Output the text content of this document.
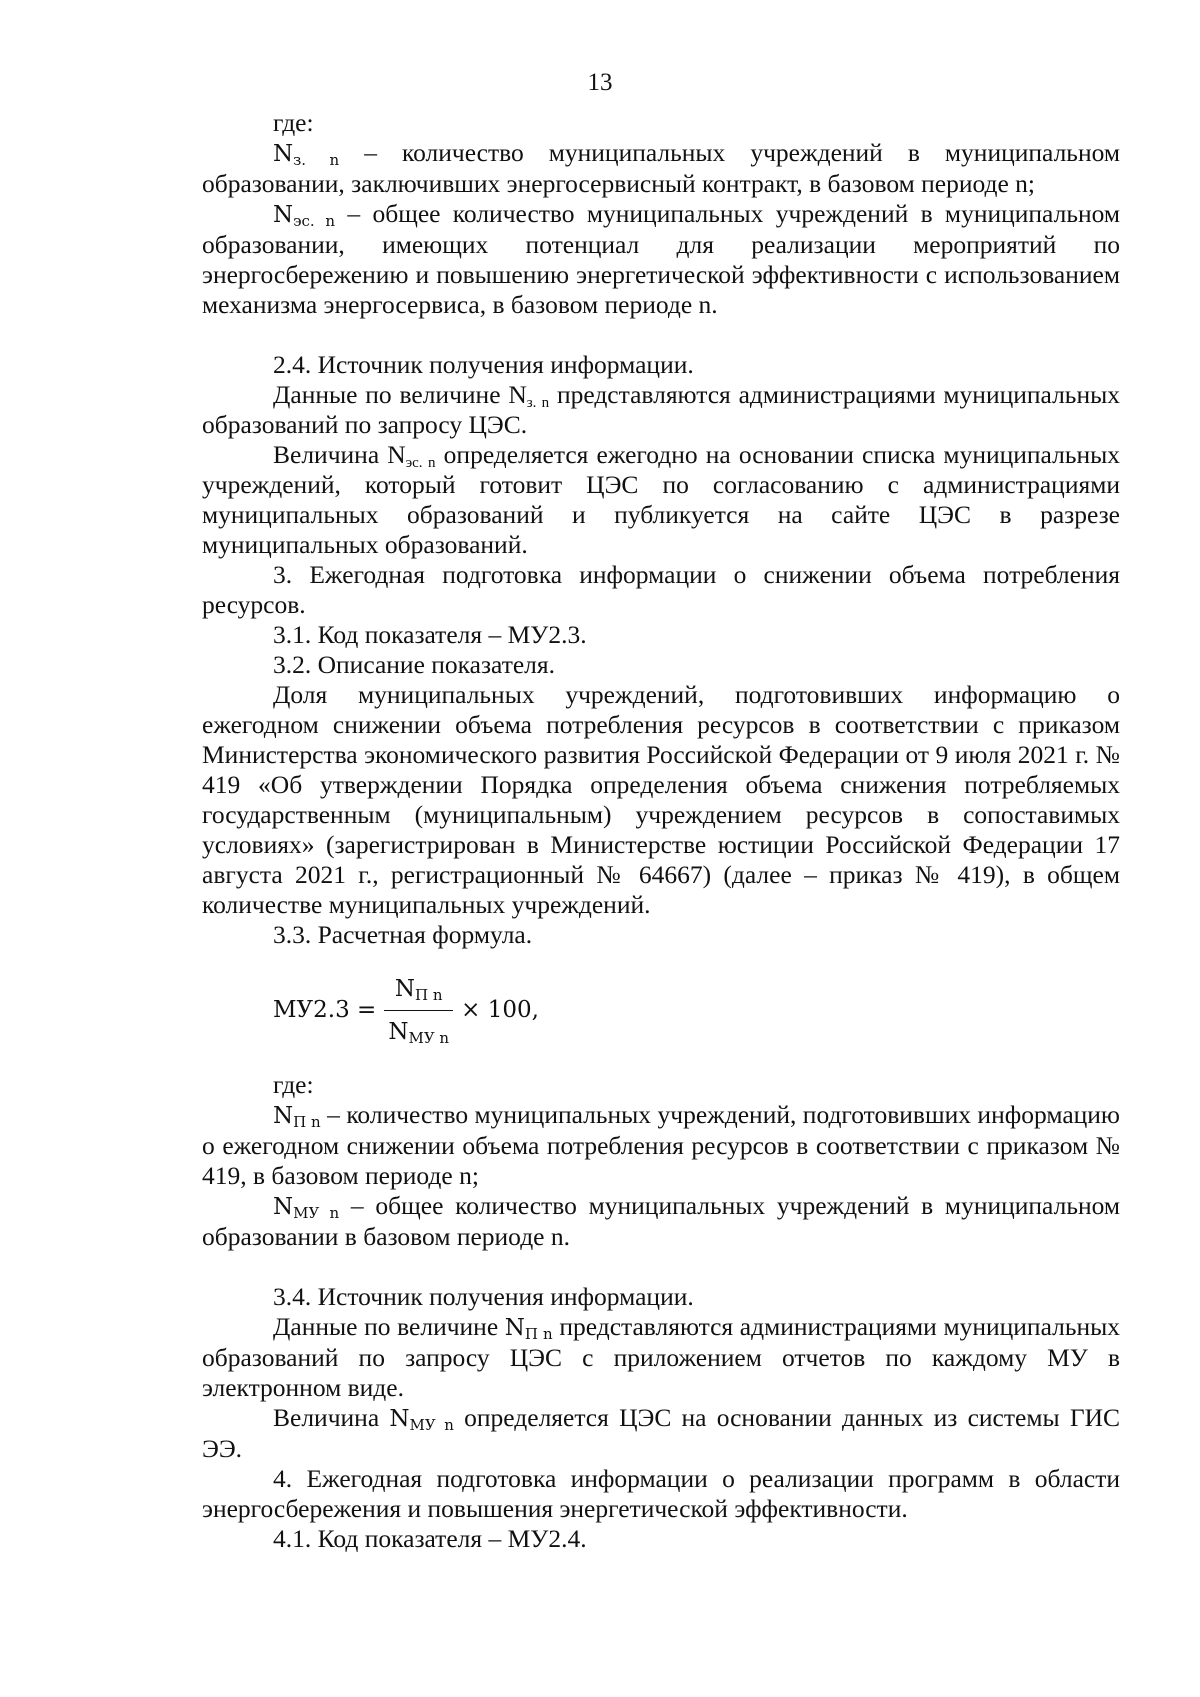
13

где:

$N_{з. n}$ – количество муниципальных учреждений в муниципальном образовании, заключивших энергосервисный контракт, в базовом периоде n;

$N_{эс. n}$ – общее количество муниципальных учреждений в муниципальном образовании, имеющих потенциал для реализации мероприятий по энергосбережению и повышению энергетической эффективности с использованием механизма энергосервиса, в базовом периоде n.

2.4. Источник получения информации.

Данные по величине $N_{з. n}$ представляются администрациями муниципальных образований по запросу ЦЭС.

Величина $N_{эс. n}$ определяется ежегодно на основании списка муниципальных учреждений, который готовит ЦЭС по согласованию с администрациями муниципальных образований и публикуется на сайте ЦЭС в разрезе муниципальных образований.

3. Ежегодная подготовка информации о снижении объема потребления ресурсов.

3.1. Код показателя – МУ2.3.

3.2. Описание показателя.

Доля муниципальных учреждений, подготовивших информацию о ежегодном снижении объема потребления ресурсов в соответствии с приказом Министерства экономического развития Российской Федерации от 9 июля 2021 г. № 419 «Об утверждении Порядка определения объема снижения потребляемых государственным (муниципальным) учреждением ресурсов в сопоставимых условиях» (зарегистрирован в Министерстве юстиции Российской Федерации 17 августа 2021 г., регистрационный № 64667) (далее – приказ № 419), в общем количестве муниципальных учреждений.

3.3. Расчетная формула.

$МУ2.3 = \frac{N_{П n}}{N_{МУ n}} \times 100$,

где:

$N_{П n}$ – количество муниципальных учреждений, подготовивших информацию о ежегодном снижении объема потребления ресурсов в соответствии с приказом № 419, в базовом периоде n;

$N_{МУ n}$ – общее количество муниципальных учреждений в муниципальном образовании в базовом периоде n.

3.4. Источник получения информации.

Данные по величине $N_{П n}$ представляются администрациями муниципальных образований по запросу ЦЭС с приложением отчетов по каждому МУ в электронном виде.

Величина $N_{МУ n}$ определяется ЦЭС на основании данных из системы ГИС ЭЭ.

4. Ежегодная подготовка информации о реализации программ в области энергосбережения и повышения энергетической эффективности.

4.1. Код показателя – МУ2.4.
